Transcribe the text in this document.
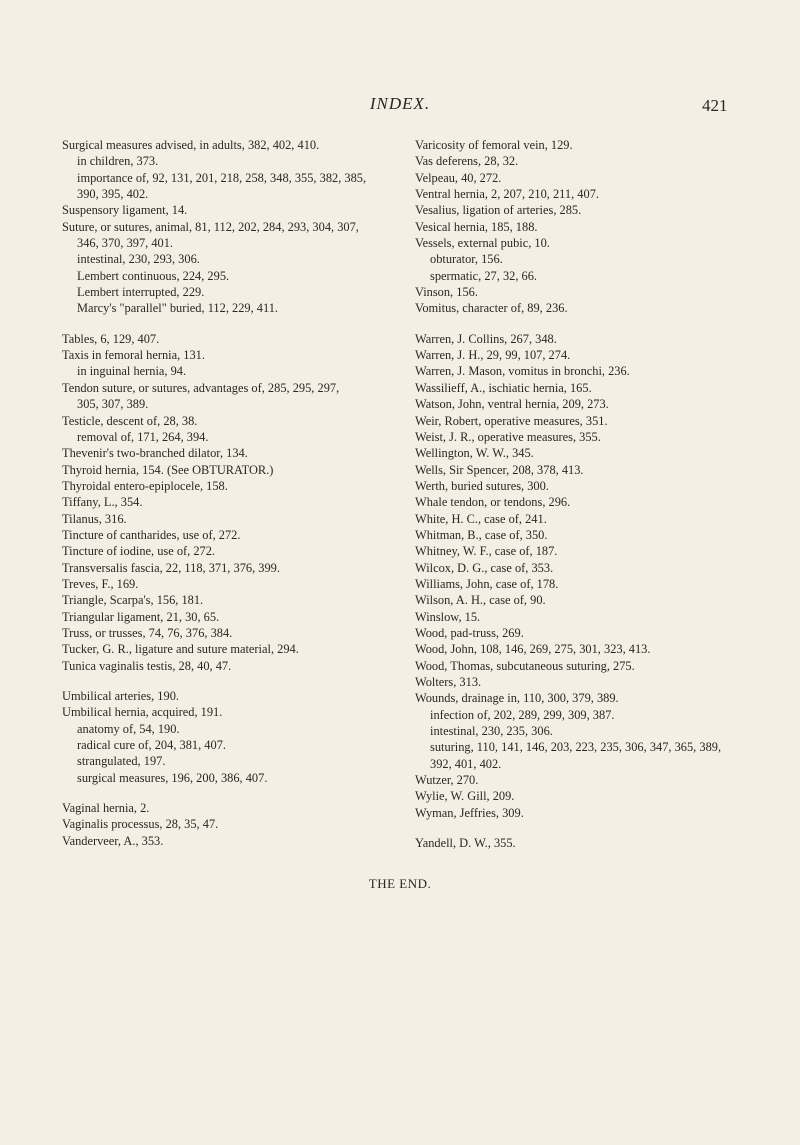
INDEX.	421
Surgical measures advised, in adults, 382, 402, 410.
in children, 373.
importance of, 92, 131, 201, 218, 258, 348, 355, 382, 385,
390, 395, 402.
Suspensory ligament, 14.
Suture, or sutures, animal, 81, 112, 202, 284, 293, 304, 307,
346, 370, 397, 401.
intestinal, 230, 293, 306.
Lembert continuous, 224, 295.
Lembert interrupted, 229.
Marcy's "parallel" buried, 112, 229, 411.
Tables, 6, 129, 407.
Taxis in femoral hernia, 131.
in inguinal hernia, 94.
Tendon suture, or sutures, advantages of, 285, 295, 297,
305, 307, 389.
Testicle, descent of, 28, 38.
removal of, 171, 264, 394.
Thevenir's two-branched dilator, 134.
Thyroid hernia, 154. (See OBTURATOR.)
Thyroidal entero-epiplocele, 158.
Tiffany, L., 354.
Tilanus, 316.
Tincture of cantharides, use of, 272.
Tincture of iodine, use of, 272.
Transversalis fascia, 22, 118, 371, 376, 399.
Treves, F., 169.
Triangle, Scarpa's, 156, 181.
Triangular ligament, 21, 30, 65.
Truss, or trusses, 74, 76, 376, 384.
Tucker, G. R., ligature and suture material, 294.
Tunica vaginalis testis, 28, 40, 47.
Umbilical arteries, 190.
Umbilical hernia, acquired, 191.
anatomy of, 54, 190.
radical cure of, 204, 381, 407.
strangulated, 197.
surgical measures, 196, 200, 386, 407.
Vaginal hernia, 2.
Vaginalis processus, 28, 35, 47.
Vanderveer, A., 353.
Varicosity of femoral vein, 129.
Vas deferens, 28, 32.
Velpeau, 40, 272.
Ventral hernia, 2, 207, 210, 211, 407.
Vesalius, ligation of arteries, 285.
Vesical hernia, 185, 188.
Vessels, external pubic, 10.
obturator, 156.
spermatic, 27, 32, 66.
Vinson, 156.
Vomitus, character of, 89, 236.
Warren, J. Collins, 267, 348.
Warren, J. H., 29, 99, 107, 274.
Warren, J. Mason, vomitus in bronchi, 236.
Wassilieff, A., ischiatic hernia, 165.
Watson, John, ventral hernia, 209, 273.
Weir, Robert, operative measures, 351.
Weist, J. R., operative measures, 355.
Wellington, W. W., 345.
Wells, Sir Spencer, 208, 378, 413.
Werth, buried sutures, 300.
Whale tendon, or tendons, 296.
White, H. C., case of, 241.
Whitman, B., case of, 350.
Whitney, W. F., case of, 187.
Wilcox, D. G., case of, 353.
Williams, John, case of, 178.
Wilson, A. H., case of, 90.
Winslow, 15.
Wood, pad-truss, 269.
Wood, John, 108, 146, 269, 275, 301, 323, 413.
Wood, Thomas, subcutaneous suturing, 275.
Wolters, 313.
Wounds, drainage in, 110, 300, 379, 389.
infection of, 202, 289, 299, 309, 387.
intestinal, 230, 235, 306.
suturing, 110, 141, 146, 203, 223, 235, 306, 347, 365, 389,
392, 401, 402.
Wutzer, 270.
Wylie, W. Gill, 209.
Wyman, Jeffries, 309.
Yandell, D. W., 355.
THE END.
